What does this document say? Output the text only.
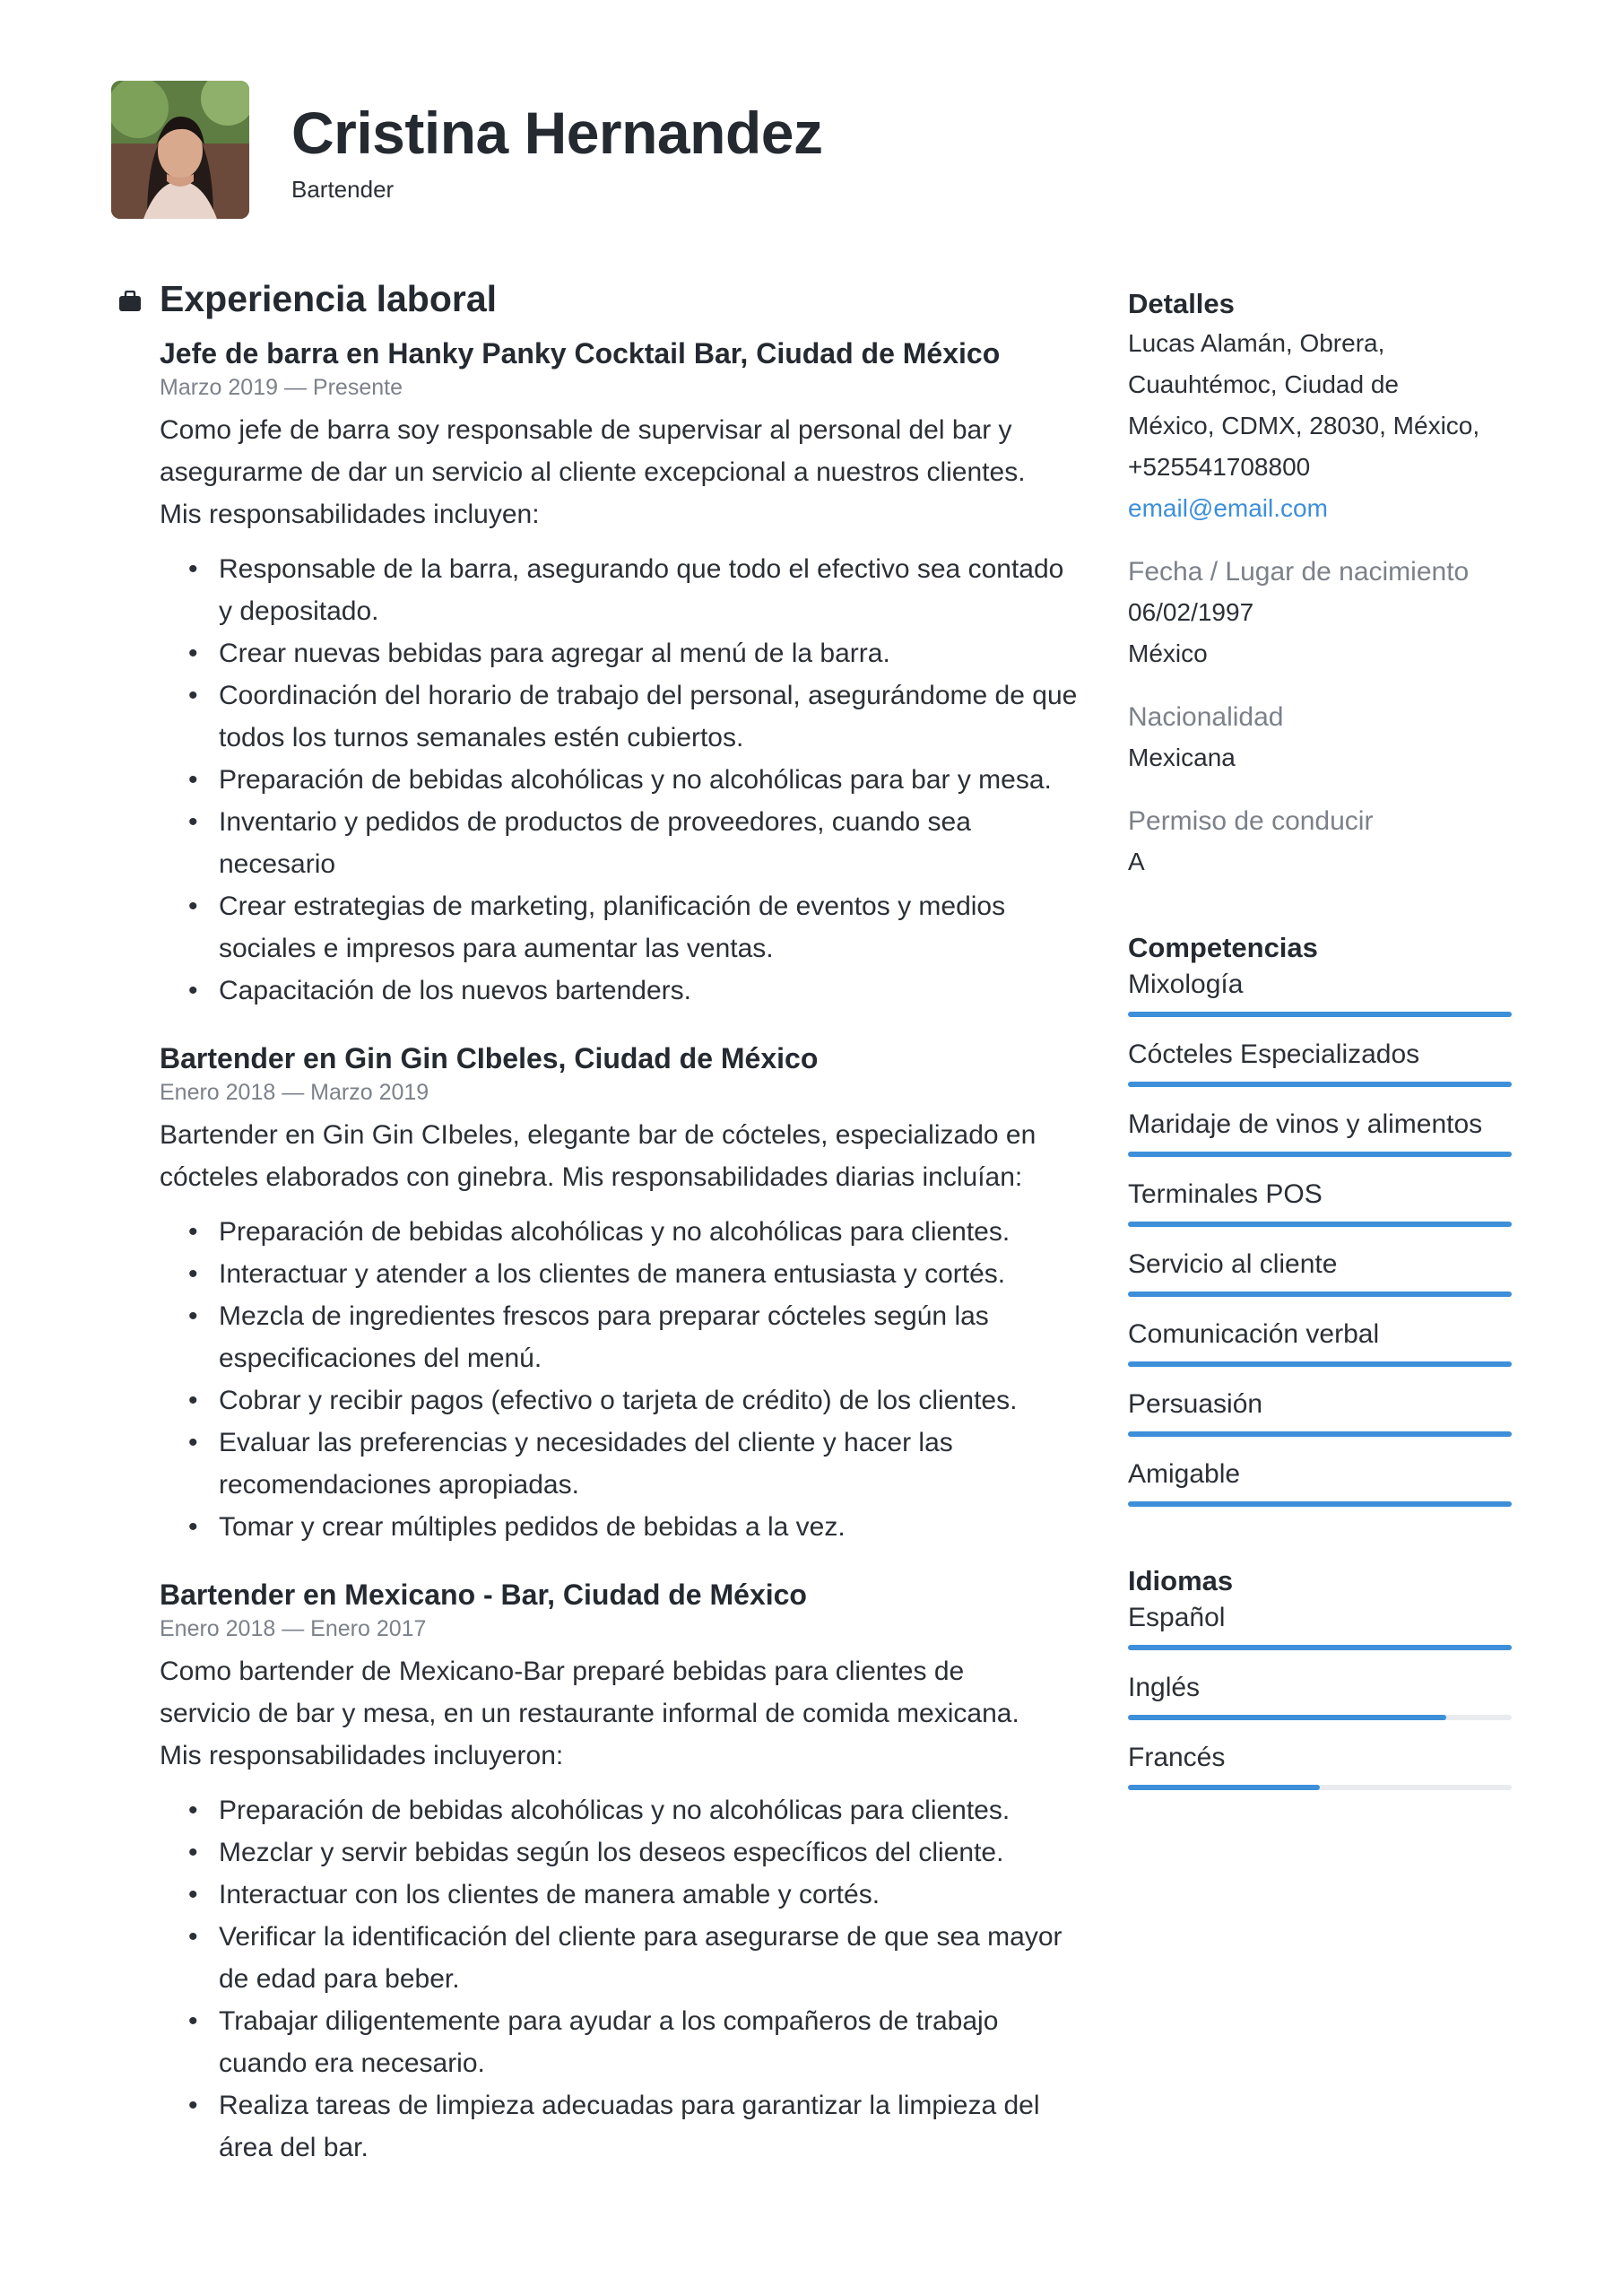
Cristina Hernandez
Bartender
Experiencia laboral
Jefe de barra en Hanky Panky Cocktail Bar, Ciudad de México
Marzo 2019 — Presente
Como jefe de barra soy responsable de supervisar al personal del bar y asegurarme de dar un servicio al cliente excepcional a nuestros clientes. Mis responsabilidades incluyen:
• Responsable de la barra, asegurando que todo el efectivo sea contado y depositado.
• Crear nuevas bebidas para agregar al menú de la barra.
• Coordinación del horario de trabajo del personal, asegurándome de que todos los turnos semanales estén cubiertos.
• Preparación de bebidas alcohólicas y no alcohólicas para bar y mesa.
• Inventario y pedidos de productos de proveedores, cuando sea necesario
• Crear estrategias de marketing, planificación de eventos y medios sociales e impresos para aumentar las ventas.
• Capacitación de los nuevos bartenders.
Bartender en Gin Gin CIbeles, Ciudad de México
Enero 2018 — Marzo 2019
Bartender en Gin Gin CIbeles, elegante bar de cócteles, especializado en cócteles elaborados con ginebra. Mis responsabilidades diarias incluían:
• Preparación de bebidas alcohólicas y no alcohólicas para clientes.
• Interactuar y atender a los clientes de manera entusiasta y cortés.
• Mezcla de ingredientes frescos para preparar cócteles según las especificaciones del menú.
• Cobrar y recibir pagos (efectivo o tarjeta de crédito) de los clientes.
• Evaluar las preferencias y necesidades del cliente y hacer las recomendaciones apropiadas.
• Tomar y crear múltiples pedidos de bebidas a la vez.
Bartender en Mexicano - Bar, Ciudad de México
Enero 2018 — Enero 2017
Como bartender de Mexicano-Bar preparé bebidas para clientes de servicio de bar y mesa, en un restaurante informal de comida mexicana. Mis responsabilidades incluyeron:
• Preparación de bebidas alcohólicas y no alcohólicas para clientes.
• Mezclar y servir bebidas según los deseos específicos del cliente.
• Interactuar con los clientes de manera amable y cortés.
• Verificar la identificación del cliente para asegurarse de que sea mayor de edad para beber.
• Trabajar diligentemente para ayudar a los compañeros de trabajo cuando era necesario.
• Realiza tareas de limpieza adecuadas para garantizar la limpieza del área del bar.
Detalles
Lucas Alamán, Obrera,
Cuauhtémoc, Ciudad de
México, CDMX, 28030, México,
+525541708800
email@email.com
Fecha / Lugar de nacimiento
06/02/1997
México
Nacionalidad
Mexicana
Permiso de conducir
A
Competencias
Mixología
Cócteles Especializados
Maridaje de vinos y alimentos
Terminales POS
Servicio al cliente
Comunicación verbal
Persuasión
Amigable
Idiomas
Español
Inglés
Francés
